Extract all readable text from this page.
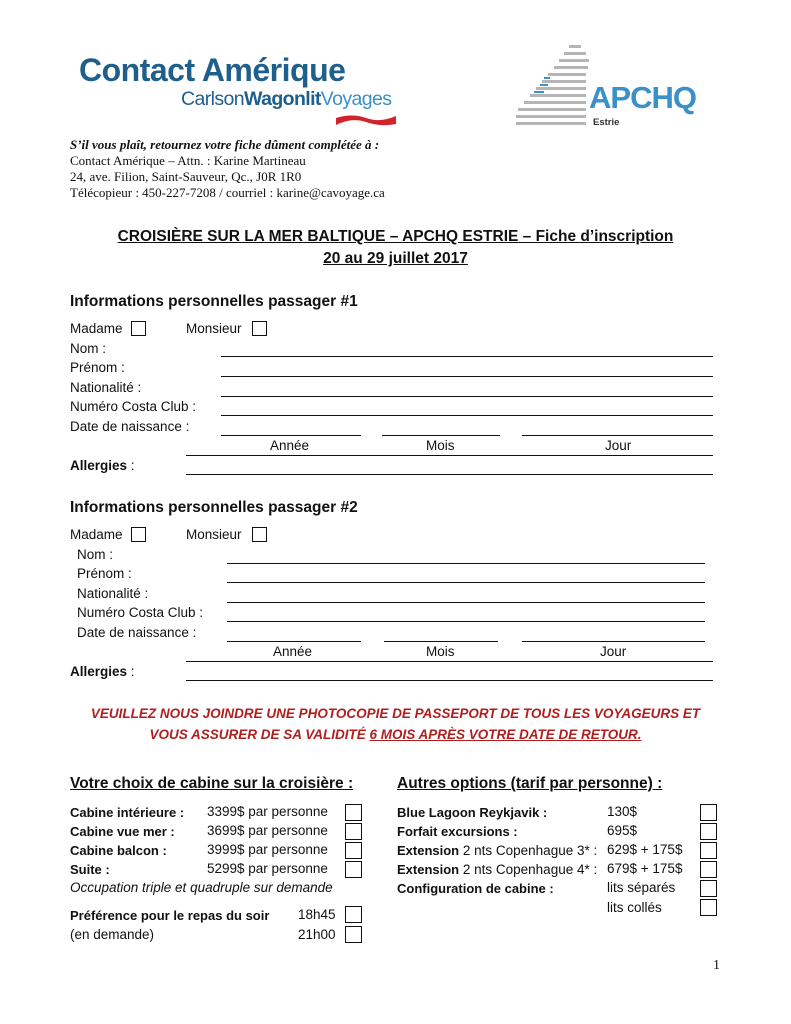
Contact Amérique
CarlsonWagonlitVoyages	APCHQ
Estrie
S’il vous plaît, retournez votre fiche dûment complétée à :
Contact Amérique – Attn. : Karine Martineau
24, ave. Filion, Saint-Sauveur, Qc., J0R 1R0
Télécopieur : 450-227-7208 / courriel : karine@cavoyage.ca
CROISIÈRE SUR LA MER BALTIQUE – APCHQ ESTRIE – Fiche d’inscription
20 au 29 juillet 2017
Informations personnelles passager #1
Madame	Monsieur
Nom :
Prénom :
Nationalité :
Numéro Costa Club :
Date de naissance :
Année	Mois	Jour
Allergies :
Informations personnelles passager #2
Madame	Monsieur
Nom :
Prénom :
Nationalité :
Numéro Costa Club :
Date de naissance :
Année	Mois	Jour
Allergies :
VEUILLEZ NOUS JOINDRE UNE PHOTOCOPIE DE PASSEPORT DE TOUS LES VOYAGEURS ET
VOUS ASSURER DE SA VALIDITÉ 6 MOIS APRÈS VOTRE DATE DE RETOUR.
Votre choix de cabine sur la croisière :
Cabine intérieure : 3399$ par personne
Cabine vue mer : 3699$ par personne
Cabine balcon :	3999$ par personne
Suite :	5299$ par personne
Occupation triple et quadruple sur demande
Préférence pour le repas du soir 18h45
(en demande)	21h00
Autres options (tarif par personne) :
Blue Lagoon Reykjavik :	130$
Forfait excursions :	695$
Extension 2 nts Copenhague 3* : 629$ + 175$
Extension 2 nts Copenhague 4* : 679$ + 175$
Configuration de cabine :	lits séparés
lits collés
1
